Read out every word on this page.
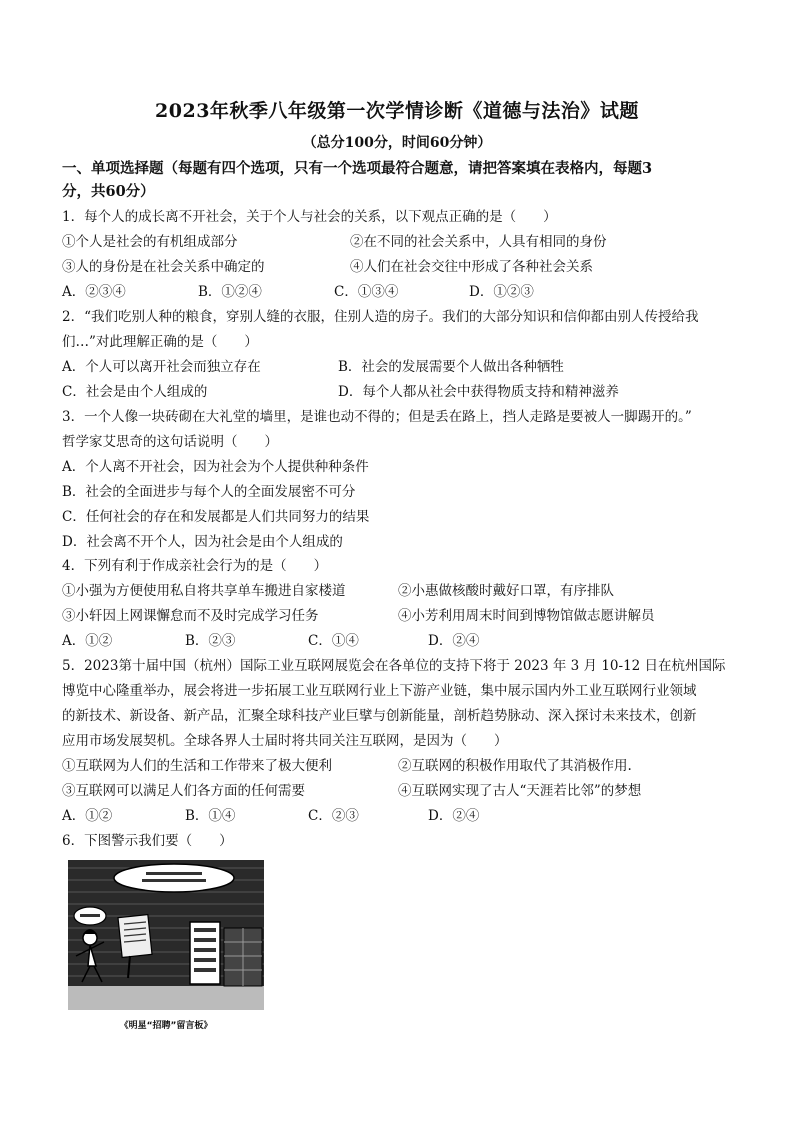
2023年秋季八年级第一次学情诊断《道德与法治》试题
（总分100分，时间60分钟）
一、单项选择题（每题有四个选项，只有一个选项最符合题意，请把答案填在表格内，每题3
分，共60分）
1．每个人的成长离不开社会，关于个人与社会的关系，以下观点正确的是（　　）
①个人是社会的有机组成部分	②在不同的社会关系中，人具有相同的身份
③人的身份是在社会关系中确定的	④人们在社会交往中形成了各种社会关系
A．②③④	B．①②④	C．①③④	D．①②③
2．“我们吃别人种的粮食，穿别人缝的衣服，住别人造的房子。我们的大部分知识和信仰都由别人传授给我
们…”对此理解正确的是（　　）
A．个人可以离开社会而独立存在	B．社会的发展需要个人做出各种牺牲
C．社会是由个人组成的	D．每个人都从社会中获得物质支持和精神滋养
3．一个人像一块砖砌在大礼堂的墙里，是谁也动不得的；但是丢在路上，挡人走路是要被人一脚踢开的。”
哲学家艾思奇的这句话说明（　　）
A．个人离不开社会，因为社会为个人提供种种条件
B．社会的全面进步与每个人的全面发展密不可分
C．任何社会的存在和发展都是人们共同努力的结果
D．社会离不开个人，因为社会是由个人组成的
4．下列有利于作成亲社会行为的是（　　）
①小强为方便使用私自将共享单车搬进自家楼道	②小惠做核酸时戴好口罩，有序排队
③小轩因上网课懈怠而不及时完成学习任务	④小芳利用周末时间到博物馆做志愿讲解员
A．①②	B．②③	C．①④	D．②④
5．2023第十届中国（杭州）国际工业互联网展览会在各单位的支持下将于 2023 年 3 月 10-12 日在杭州国际
博览中心隆重举办，展会将进一步拓展工业互联网行业上下游产业链，集中展示国内外工业互联网行业领域
的新技术、新设备、新产品，汇聚全球科技产业巨擘与创新能量，剖析趋势脉动、深入探讨未来技术，创新
应用市场发展契机。全球各界人士届时将共同关注互联网，是因为（　　）
①互联网为人们的生活和工作带来了极大便利	②互联网的积极作用取代了其消极作用.
③互联网可以满足人们各方面的任何需要	④互联网实现了古人“天涯若比邻”的梦想
A．①②	B．①④	C．②③	D．②④
6．下图警示我们要（　　）
《明星“招聘”留言板》
